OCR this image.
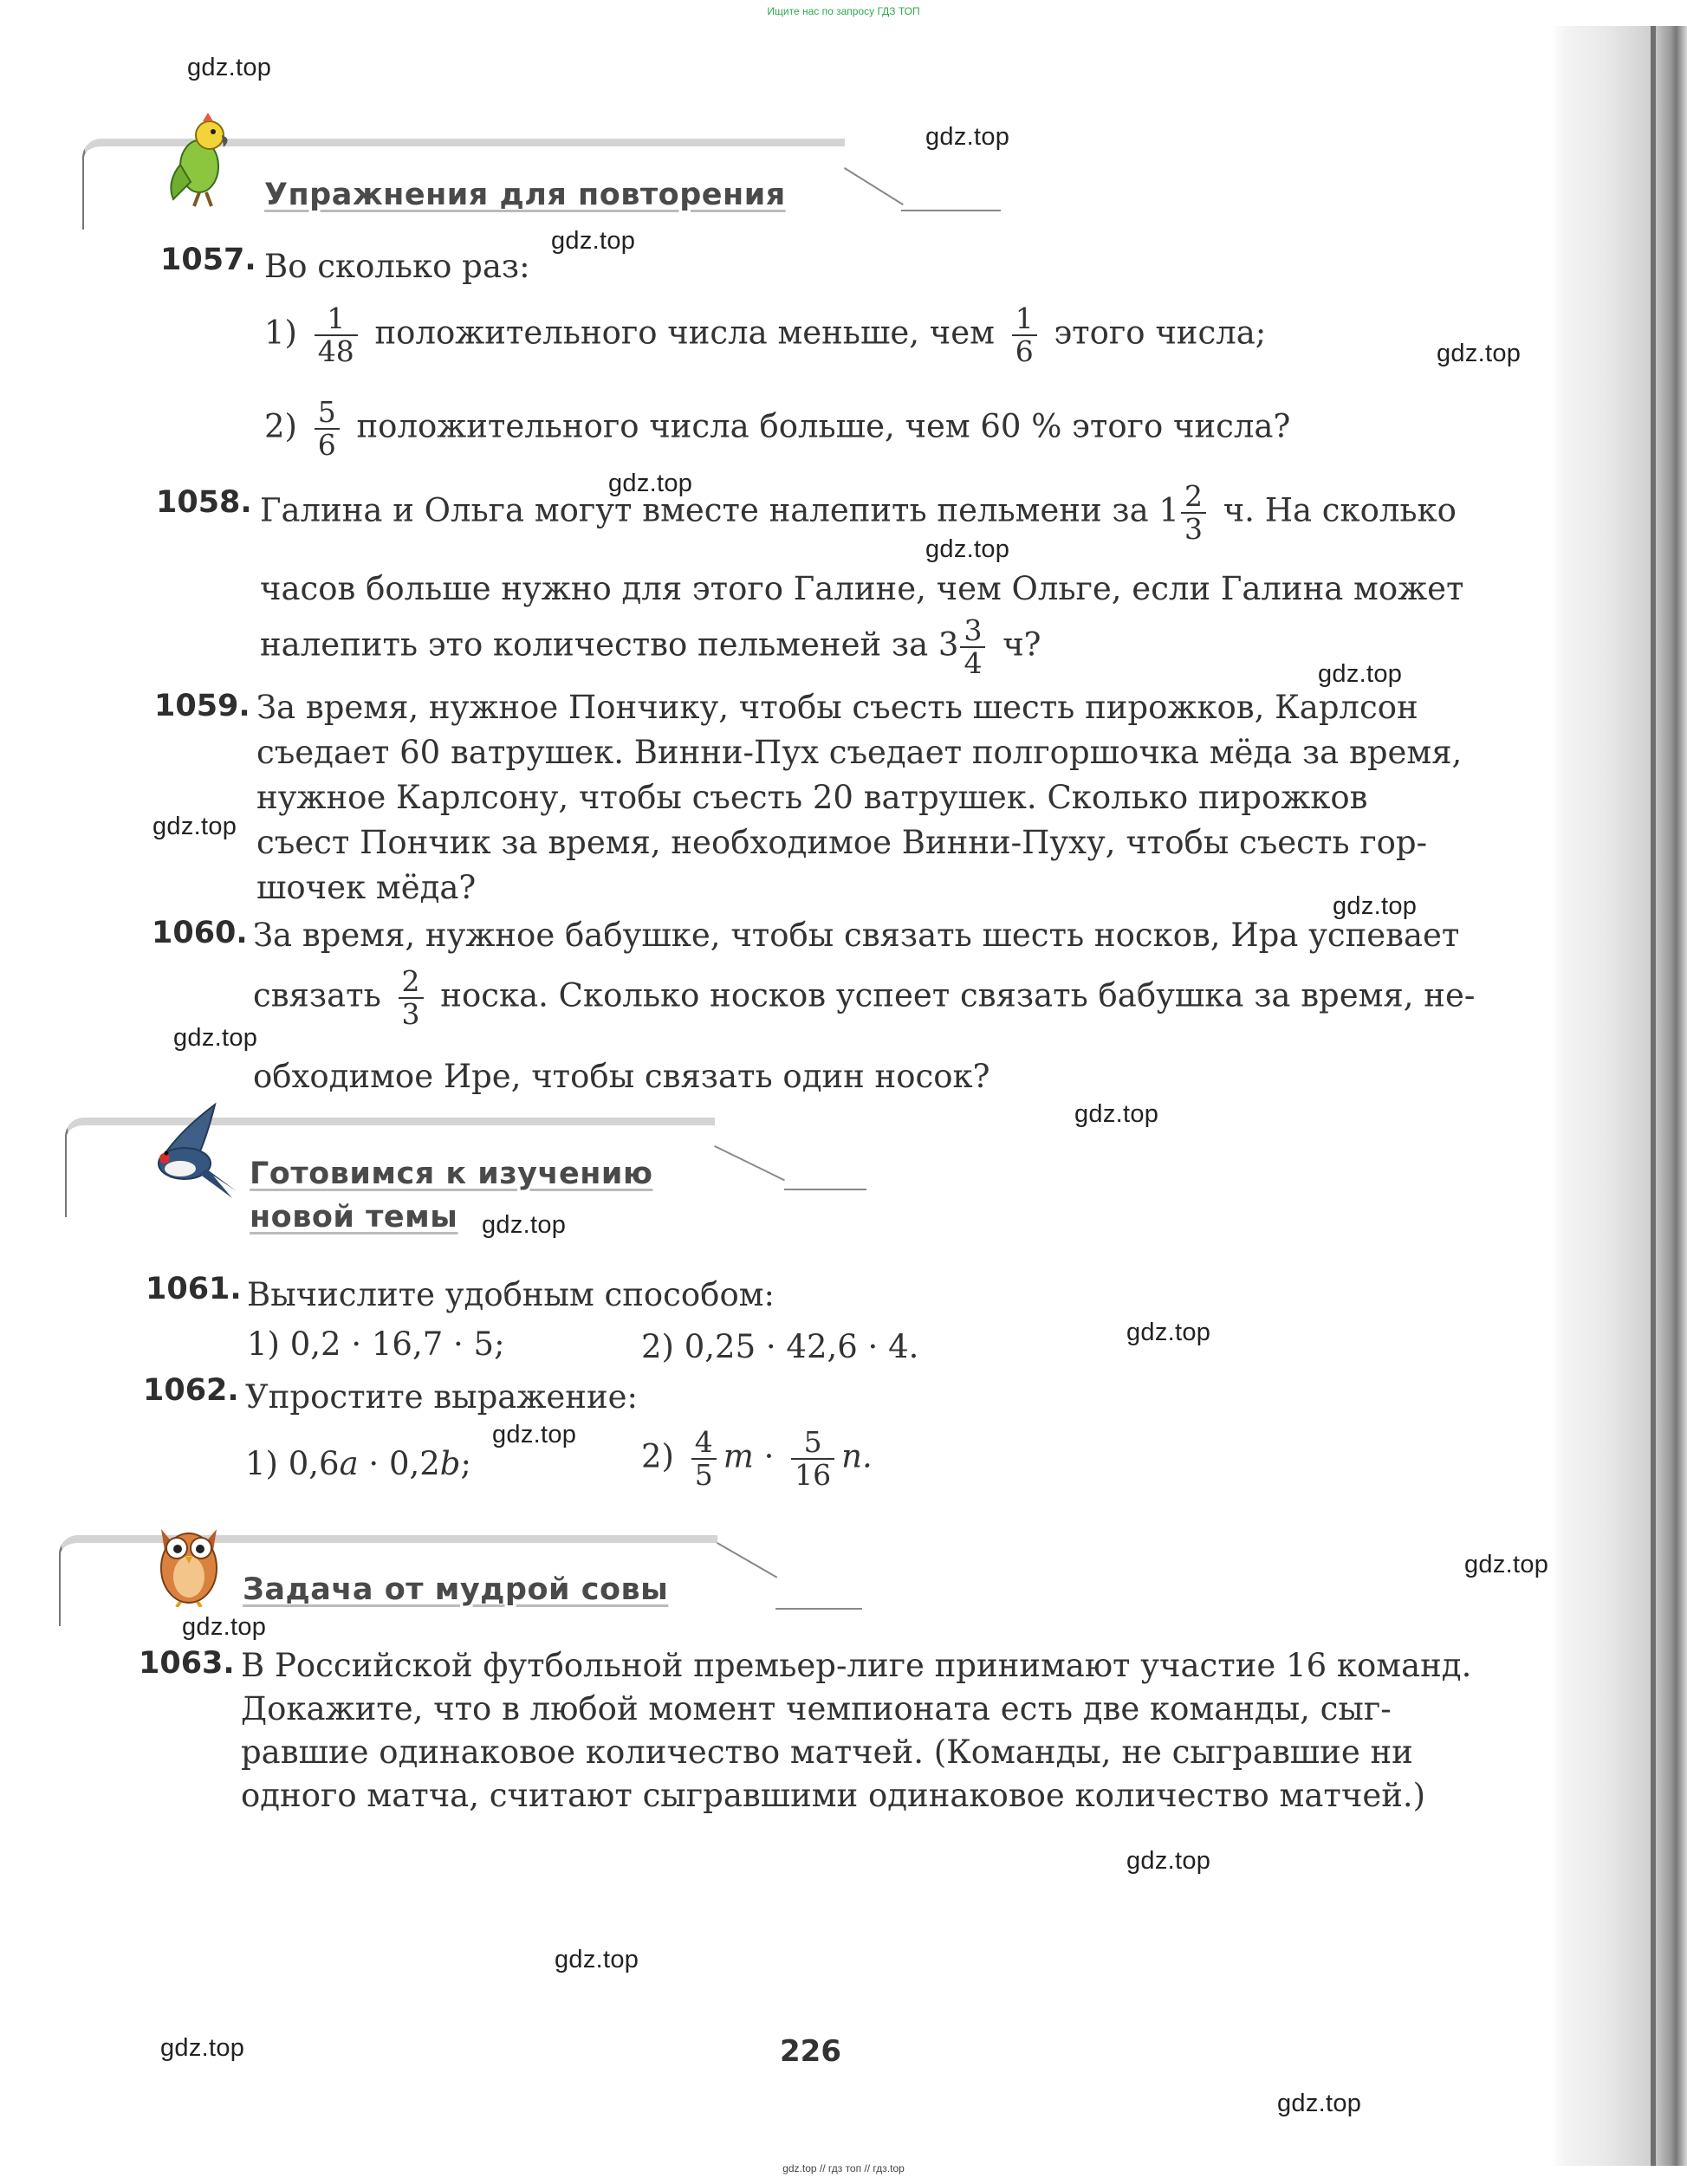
Ищите нас по запросу ГДЗ ТОП
Упражнения для повторения
1057. Во сколько раз:
$1) \frac{1}{48}$ положительного числа меньше, чем $\frac{1}{6}$ этого числа;
$2) \frac{5}{6}$ положительного числа больше, чем 60 % этого числа?
1058. Галина и Ольга могут вместе налепить пельмени за $1 \frac{2}{3} ч$. На сколько
часов больше нужно для этого Галине, чем Ольге, если Галина может
налепить это количество пельменей за $3 \frac{3}{4} ч$?
1059. За время, нужное Пончику, чтобы съесть шесть пирожков, Карлсон
съедает 60 ватрушек. Винни-Пух съедает полгоршочка мёда за время,
нужное Карлсону, чтобы съесть 20 ватрушек. Сколько пирожков
съест Пончик за время, необходимое Винни-Пуху, чтобы съесть гор-
шочек мёда?
1060. За время, нужное бабушке, чтобы связать шесть носков, Ира успевает
связать $\frac{2}{3}$ носка. Сколько носков успеет связать бабушка за время, не-
обходимое Ире, чтобы связать один носок?
Готовимся к изучению
новой темы
1061. Вычислите удобным способом:
1) 0,2 · 16,7 · 5;	2) 0,25 · 42,6 · 4.
1062. Упростите выражение:
1) 0,6a · 0,2b;	$2) \frac{4}{5}$ $m \cdot \frac{5}{16} n$.
Задача от мудрой совы
1063. В Российской футбольной премьер-лиге принимают участие 16 команд.
Докажите, что в любой момент чемпионата есть две команды, сыг-
равшие одинаковое количество матчей. (Команды, не сыгравшие ни
одного матча, считают сыгравшими одинаковое количество матчей.)
226
gdz.top
gdz.top
gdz.top
gdz.top
gdz.top
gdz.top
gdz.top
gdz.top
gdz.top
gdz.top
gdz.top
gdz.top
gdz.top
gdz.top
gdz.top
gdz.top
gdz.top
gdz.top
gdz.top
gdz.top
gdz.top // гдз топ // гдз.top
